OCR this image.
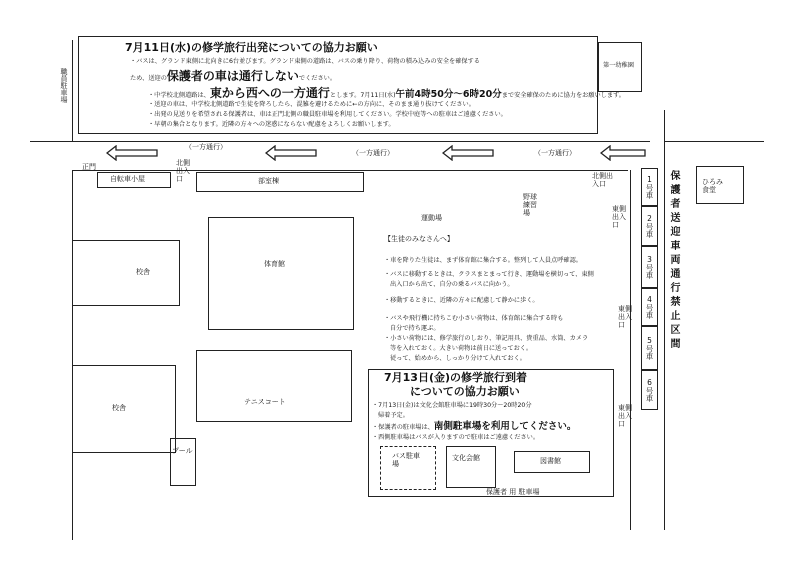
7月11日(水)の修学旅行出発についての協力お願い
・バスは、グランド東側に北向きに6台並びます。グランド東側の道路は、バスの乗り降り、荷物の積み込みの安全を確保する
ため、送迎の保護者の車は通行しないでください。
・中学校北側道路は、東から西への一方通行とします。7月11日(水)午前4時50分～6時20分まで安全確保のために協力をお願いします。
・送迎の車は、中学校北側道路で生徒を降ろしたら、混雑を避けるために←の方向に、そのまま通り抜けてください。
・出発の見送りを希望される保護者は、車は正門北側の職員駐車場を利用してください。学校中庭等への駐車はご遠慮ください。
・早朝の集合となります。近隣の方々への迷惑にならない配慮をよろしくお願いします。
職員駐車場
第一幼稚園
（一方通行）
（一方通行）	（一方通行）
北側出入口	北側出入口
正門
自転車小屋	部室棟
運動場
野球練習場
体育館
校舎
校舎
テニスコート
プール
1号車
2号車
3号車
4号車
5号車
6号車
東側出入口
東側出入口
東側出入口
ひろみ食堂
保護者送迎車両通行禁止区間
【生徒のみなさんへ】
・車を降りた生徒は、まず体育館に集合する。整列して人員点呼確認。
・バスに移動するときは、クラスまとまって行き、運動場を横切って、東側
出入口から出て、自分の乗るバスに向かう。
・移動するときに、近隣の方々に配慮して静かに歩く。
・バスや飛行機に持ちこむ小さい荷物は、体育館に集合する時も
自分で持ち運ぶ。
・小さい荷物には、修学旅行のしおり、筆記用具、貴重品、水筒、カメラ
等を入れておく。大きい荷物は前日に送っておく。
従って、始めから、しっかり分けて入れておく。
7月13日(金)の修学旅行到着
についての協力お願い
・7月13日(金)は文化会館駐車場に19時30分～20時20分
帰着予定。
・保護者の駐車場は、南側駐車場を利用してください。
・西側駐車場はバスが入りますので駐車はご遠慮ください。
バス駐車場
文化会館	図書館
保護者 用 駐車場
